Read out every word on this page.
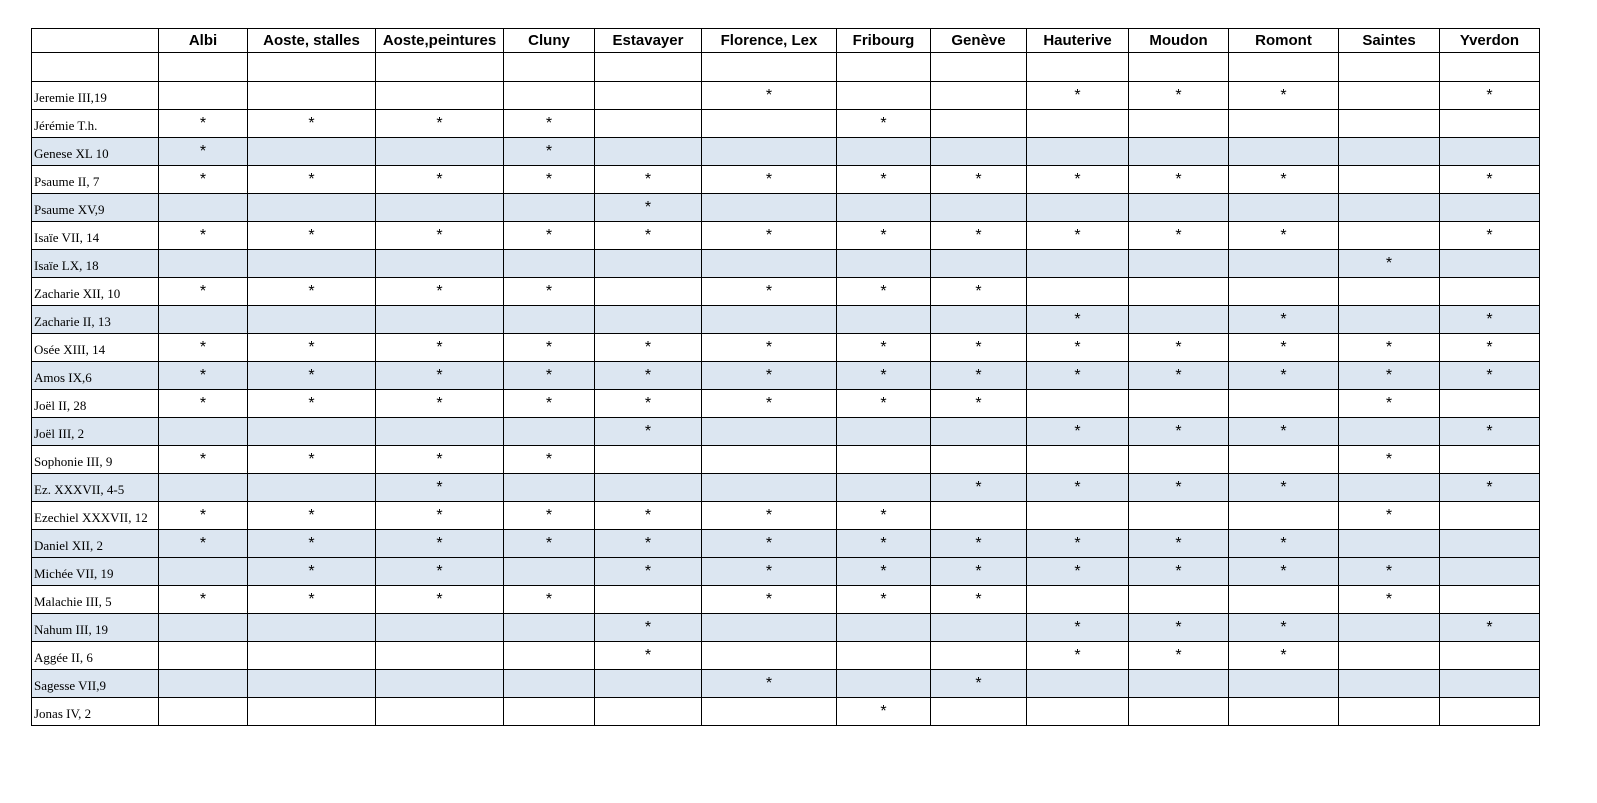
	Albi	Aoste, stalles	Aoste,peintures	Cluny	Estavayer	Florence, Lex	Fribourg	Genève	Hauterive	Moudon	Romont	Saintes	Yverdon

Jeremie III,19						*			*	*	*		*
Jérémie T.h.	*	*	*	*			*						
Genese XL 10	*			*									
Psaume II, 7	*	*	*	*	*	*	*	*	*	*	*		*
Psaume XV,9					*								
Isaïe VII, 14	*	*	*	*	*	*	*	*	*	*	*		*
Isaïe LX, 18												*	
Zacharie XII, 10	*	*	*	*		*	*	*					
Zacharie II, 13									*		*		*
Osée XIII, 14	*	*	*	*	*	*	*	*	*	*	*	*	*
Amos IX,6	*	*	*	*	*	*	*	*	*	*	*	*	*
Joël II, 28	*	*	*	*	*	*	*	*				*	
Joël III, 2					*				*	*	*		*
Sophonie III, 9	*	*	*	*								*	
Ez. XXXVII, 4-5			*					*	*	*	*		*
Ezechiel XXXVII, 12	*	*	*	*	*	*	*					*	
Daniel XII, 2	*	*	*	*	*	*	*	*	*	*	*		
Michée VII, 19		*	*		*	*	*	*	*	*	*	*	
Malachie III, 5	*	*	*	*		*	*	*				*	
Nahum III, 19					*				*	*	*		*
Aggée II, 6					*				*	*	*		
Sagesse VII,9						*		*					
Jonas IV, 2							*						
